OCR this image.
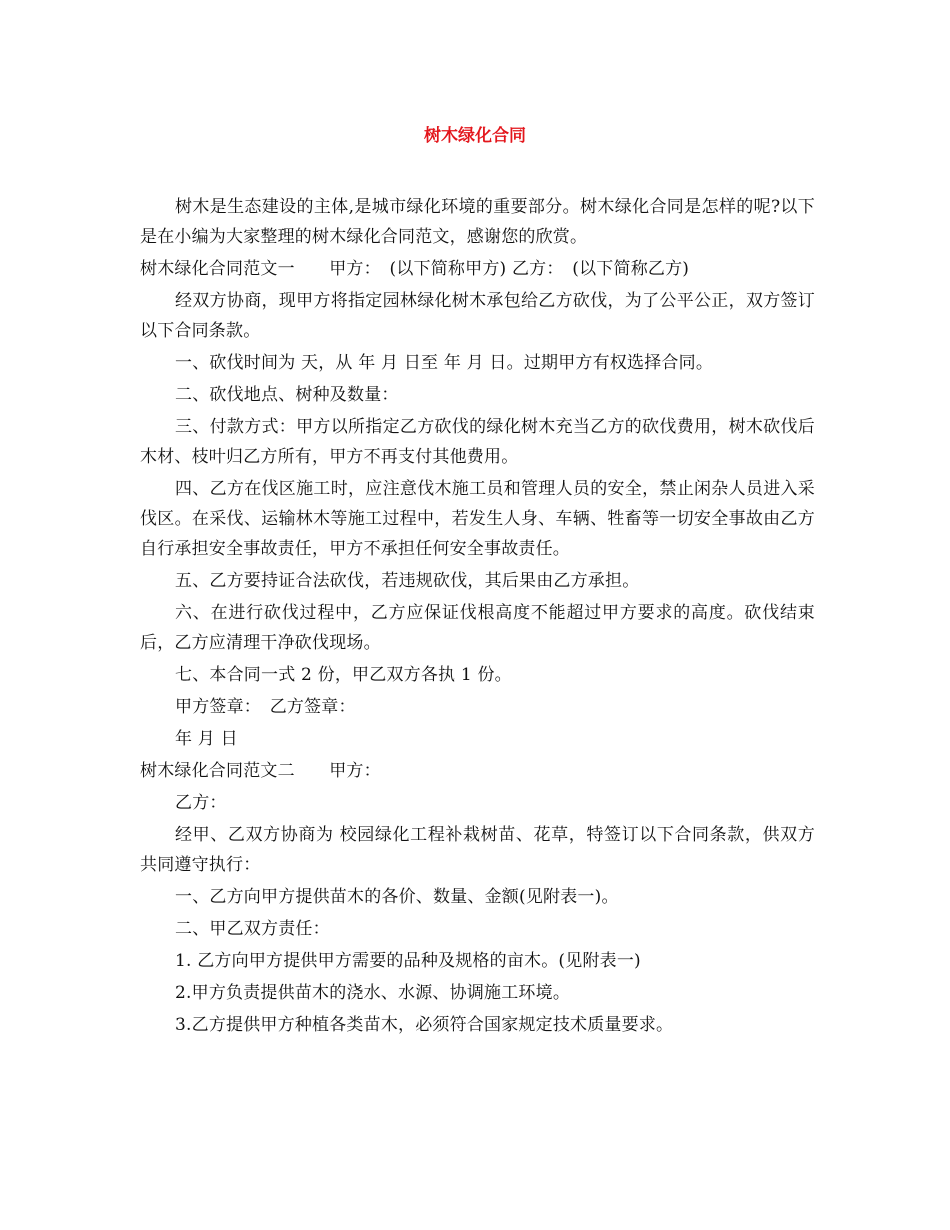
树木绿化合同

树木是生态建设的主体,是城市绿化环境的重要部分。树木绿化合同是怎样的呢?以下是在小编为大家整理的树木绿化合同范文，感谢您的欣赏。

树木绿化合同范文一　　甲方：　(以下简称甲方) 乙方：　(以下简称乙方)

经双方协商，现甲方将指定园林绿化树木承包给乙方砍伐，为了公平公正，双方签订以下合同条款。

一、砍伐时间为 天，从 年 月 日至 年 月 日。过期甲方有权选择合同。

二、砍伐地点、树种及数量：

三、付款方式：甲方以所指定乙方砍伐的绿化树木充当乙方的砍伐费用，树木砍伐后木材、枝叶归乙方所有，甲方不再支付其他费用。

四、乙方在伐区施工时，应注意伐木施工员和管理人员的安全，禁止闲杂人员进入采伐区。在采伐、运输林木等施工过程中，若发生人身、车辆、牲畜等一切安全事故由乙方自行承担安全事故责任，甲方不承担任何安全事故责任。

五、乙方要持证合法砍伐，若违规砍伐，其后果由乙方承担。

六、在进行砍伐过程中，乙方应保证伐根高度不能超过甲方要求的高度。砍伐结束后，乙方应清理干净砍伐现场。

七、本合同一式 2 份，甲乙双方各执 1 份。

甲方签章：　乙方签章：

年 月 日

树木绿化合同范文二　　甲方：

乙方：

经甲、乙双方协商为 校园绿化工程补栽树苗、花草，特签订以下合同条款，供双方共同遵守执行：

一、乙方向甲方提供苗木的各价、数量、金额(见附表一)。

二、甲乙双方责任：

1. 乙方向甲方提供甲方需要的品种及规格的亩木。(见附表一)

2.甲方负责提供苗木的浇水、水源、协调施工环境。

3.乙方提供甲方种植各类苗木，必须符合国家规定技术质量要求。
